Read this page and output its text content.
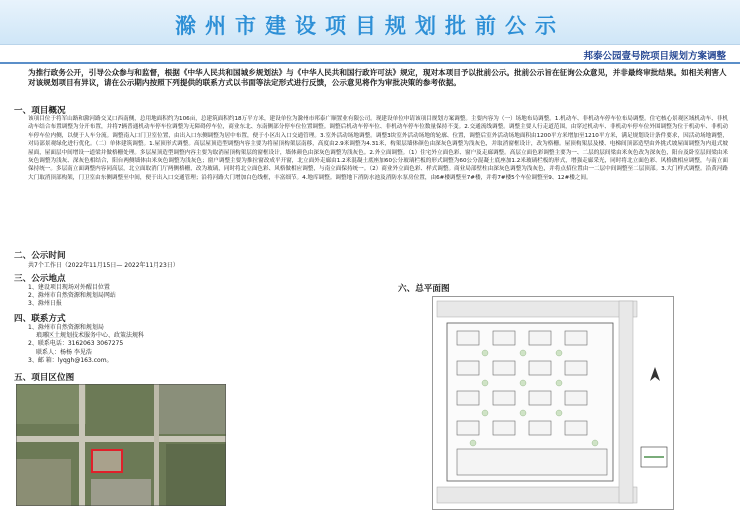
滁州市建设项目规划批前公示
邦泰公园壹号院项目规划方案调整
为推行政务公开，引导公众参与和监督，根据《中华人民共和国城乡规划法》与《中华人民共和国行政许可法》规定，现对本项目予以批前公示。批前公示旨在征询公众意见，并非最终审批结果。如相关利害人对该规划项目有异议，请在公示期内按照下列提供的联系方式以书面等法定形式进行反馈，公示意见将作为审批决策的参考依据。
一、项目概况
该项目位于将军山路和滁河路交叉口西南侧，总用地面积约为106亩，总建筑面积约18万平方米，建设单位为滁州市邦泰广顺置业有限公司。现建设单位申请该项目规划方案调整。主要内容为（一）场地布局调整。1.机动车、非机动车停车位布局调整。住宅核心景观区域机动车、非机动车结合布置调整为分开布置，并将7辆普通机动车停车位调整为无障碍停车位，商业东北、东南侧部分停车位位置调整。调整后机动车停车位、非机动车停车位数量保持不变。2.交通流线调整。调整主要人行走道范围，由穿过机动车、非机动车停车位外围调整为位于机动车、非机动车停车位内侧，以便于人车分流。调整南入口门卫室位置，由出入口东侧调整为居中布置，便于小区出入口交通管理。3.室外活动场地调整。调整3块室外活动场地的轮廓、位置，调整后室外活动场地面积由1200平方米增加至1210平方米，满足规划设计条件要求，因活动场地调整，对局部景观绿化进行优化。（二）单体建筑调整。1.屋顶形式调整。高层屋顶造型调整内容主要为将屋顶构架层南移，高度由2.9米调整为4.31米，构架层墙体颜色由深灰色调整为浅灰色，并取消窗框设计，改为格栅。屋顶构架层及楼、电梯间顶部造型由外挑式坡屋面调整为内退式坡屋面，屋面层中间增设一道梁并做格栅处理。多层屋顶造型调整内容主要为取消屋顶构架层的窗框设计，墙体颜色由深灰色调整为浅灰色。2.外立面调整。（1）住宅外立面色彩、窗户及走廊调整。高层立面色彩调整主要为一、二层的层间梁由米灰色改为深灰色，阳台及卧室层间梁由米灰色调整为浅灰、深灰色相结合，阳台两侧墙体由米灰色调整为浅灰色；窗户调整主要为推拉窗改成平开窗，北立面外走廊由1.2米混凝土底座加60公分玻璃栏板的形式调整为60公分混凝土底座加1.2米玻璃栏板的形式，增强走廊采光，同时将北立面色彩、风格做相应调整，与南立面保持统一。多层南立面调整内容同高层，北立面取消门厅两侧格栅，改为玻璃，同时将北立面色彩、风格做相应调整，与南立面保持统一。（2）商业外立面色彩、样式调整。商业局部壁柱由深灰色调整为浅灰色，并将点招位置由一二层中间调整至二层顶部。3.大门样式调整。沿黄河路大门取消顶部构架，门卫室由东侧调整至中间，便于出入口交通管理；沿将河路大门增加白色线框，丰富细节。4.地库调整。调整地下消防水池及消防水泵房位置，由6#楼调整至7#楼，并将7#楼5个车位调整至9、12#楼之间。
二、公示时间
共7个工作日（2022年11月15日— 2022年11月23日）
三、公示地点
1、建设项目现场对外醒目位置
2、滁州市自然资源和规划局网站
3、滁州日报
四、联系方式
1、滁州市自然资源和规划局
琅琊区土规划技术服务中心、政策法规科
2、联系电话：3162063 3067275
联系人：杨杨 李见浩
3、邮 箱：lyqgh@163.com。
五、项目区位图
六、总平面图
